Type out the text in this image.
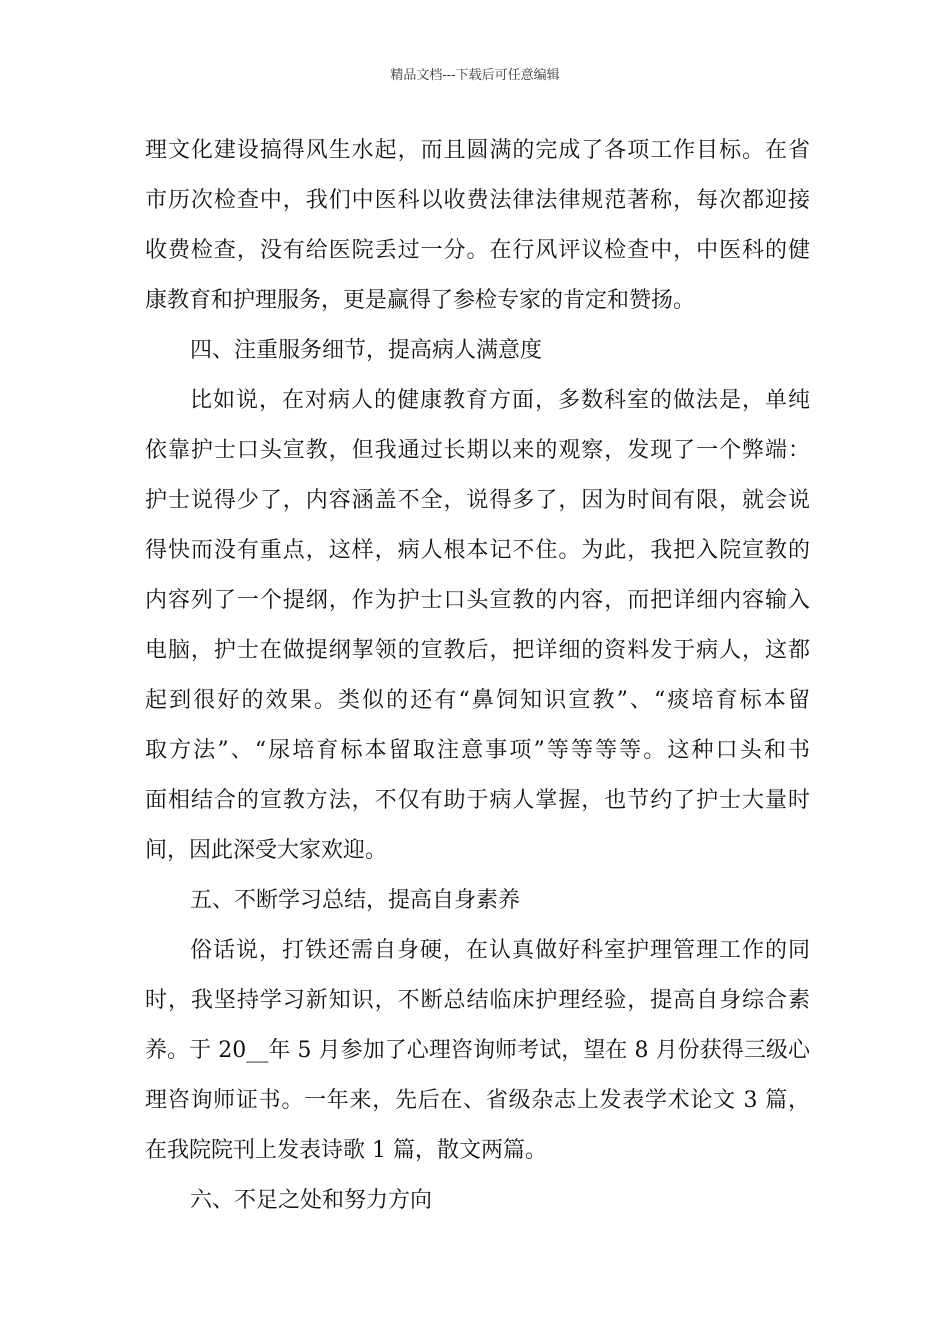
精品文档---下载后可任意编辑
理文化建设搞得风生水起，而且圆满的完成了各项工作目标。在省
市历次检查中，我们中医科以收费法律法律规范著称，每次都迎接
收费检查，没有给医院丢过一分。在行风评议检查中，中医科的健
康教育和护理服务，更是赢得了参检专家的肯定和赞扬。
四、注重服务细节，提高病人满意度
比如说，在对病人的健康教育方面，多数科室的做法是，单纯
依靠护士口头宣教，但我通过长期以来的观察，发现了一个弊端：
护士说得少了，内容涵盖不全，说得多了，因为时间有限，就会说
得快而没有重点，这样，病人根本记不住。为此，我把入院宣教的
内容列了一个提纲，作为护士口头宣教的内容，而把详细内容输入
电脑，护士在做提纲挈领的宣教后，把详细的资料发于病人，这都
起到很好的效果。类似的还有“鼻饲知识宣教”、“痰培育标本留
取方法”、“尿培育标本留取注意事项”等等等等。这种口头和书
面相结合的宣教方法，不仅有助于病人掌握，也节约了护士大量时
间，因此深受大家欢迎。
五、不断学习总结，提高自身素养
俗话说，打铁还需自身硬，在认真做好科室护理管理工作的同
时，我坚持学习新知识，不断总结临床护理经验，提高自身综合素
养。于 20__年 5 月参加了心理咨询师考试，望在 8 月份获得三级心
理咨询师证书。一年来，先后在、省级杂志上发表学术论文 3 篇，
在我院院刊上发表诗歌 1 篇，散文两篇。
六、不足之处和努力方向
